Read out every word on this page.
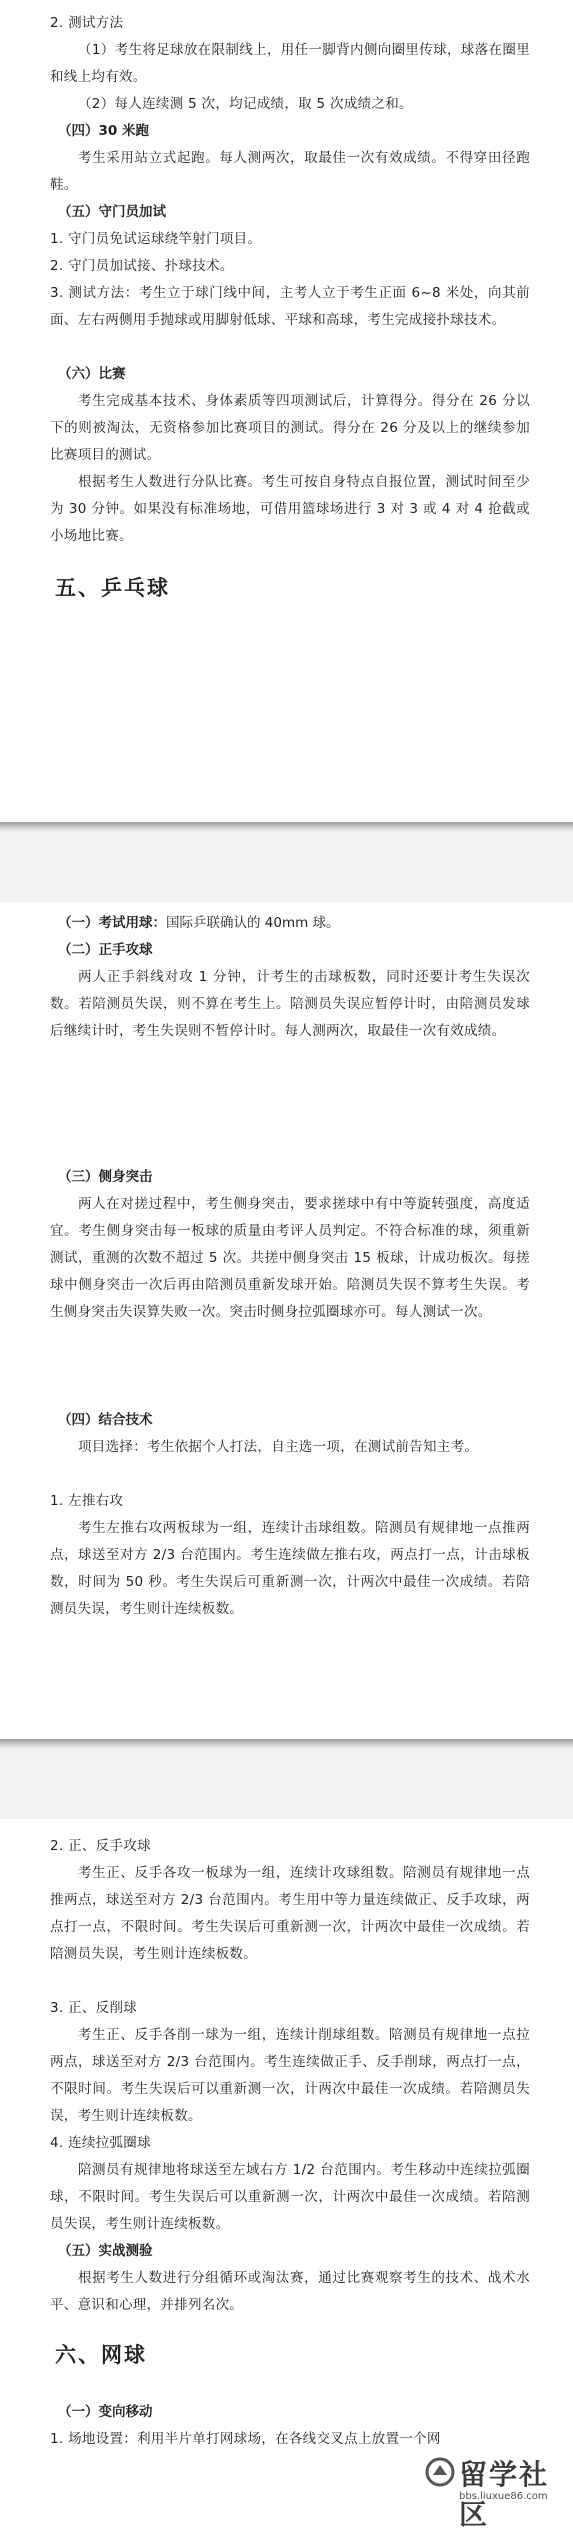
2. 测试方法

（1）考生将足球放在限制线上，用任一脚背内侧向圈里传球，球落在圈里和线上均有效。

（2）每人连续测 5 次，均记成绩，取 5 次成绩之和。

（四）30 米跑

考生采用站立式起跑。每人测两次，取最佳一次有效成绩。不得穿田径跑鞋。

（五）守门员加试

1. 守门员免试运球绕竿射门项目。

2. 守门员加试接、扑球技术。

3. 测试方法：考生立于球门线中间，主考人立于考生正面 6~8 米处，向其前面、左右两侧用手抛球或用脚射低球、平球和高球，考生完成接扑球技术。

（六）比赛

考生完成基本技术、身体素质等四项测试后，计算得分。得分在 26 分以下的则被淘汰，无资格参加比赛项目的测试。得分在 26 分及以上的继续参加比赛项目的测试。

根据考生人数进行分队比赛。考生可按自身特点自报位置，测试时间至少为 30 分钟。如果没有标准场地，可借用篮球场进行 3 对 3 或 4 对 4 抢截或小场地比赛。

五、乒乓球

（一）考试用球：国际乒联确认的 40mm 球。

（二）正手攻球

两人正手斜线对攻 1 分钟，计考生的击球板数，同时还要计考生失误次数。若陪测员失误，则不算在考生上。陪测员失误应暂停计时，由陪测员发球后继续计时，考生失误则不暂停计时。每人测两次，取最佳一次有效成绩。

（三）侧身突击

两人在对搓过程中，考生侧身突击，要求搓球中有中等旋转强度，高度适宜。考生侧身突击每一板球的质量由考评人员判定。不符合标准的球，须重新测试，重测的次数不超过 5 次。共搓中侧身突击 15 板球，计成功板次。每搓球中侧身突击一次后再由陪测员重新发球开始。陪测员失误不算考生失误。考生侧身突击失误算失败一次。突击时侧身拉弧圈球亦可。每人测试一次。

（四）结合技术

项目选择：考生依据个人打法，自主选一项，在测试前告知主考。

1. 左推右攻

考生左推右攻两板球为一组，连续计击球组数。陪测员有规律地一点推两点，球送至对方 2/3 台范围内。考生连续做左推右攻，两点打一点，计击球板数，时间为 50 秒。考生失误后可重新测一次，计两次中最佳一次成绩。若陪测员失误，考生则计连续板数。

2. 正、反手攻球

考生正、反手各攻一板球为一组，连续计攻球组数。陪测员有规律地一点推两点，球送至对方 2/3 台范围内。考生用中等力量连续做正、反手攻球，两点打一点，不限时间。考生失误后可重新测一次，计两次中最佳一次成绩。若陪测员失误，考生则计连续板数。

3. 正、反削球

考生正、反手各削一球为一组，连续计削球组数。陪测员有规律地一点拉两点，球送至对方 2/3 台范围内。考生连续做正手、反手削球，两点打一点，不限时间。考生失误后可以重新测一次，计两次中最佳一次成绩。若陪测员失误，考生则计连续板数。

4. 连续拉弧圈球

陪测员有规律地将球送至左域右方 1/2 台范围内。考生移动中连续拉弧圈球，不限时间。考生失误后可以重新测一次，计两次中最佳一次成绩。若陪测员失误，考生则计连续板数。

（五）实战测验

根据考生人数进行分组循环或淘汰赛，通过比赛观察考生的技术、战术水平、意识和心理，并排列名次。

六、网球

（一）变向移动

1. 场地设置：利用半片单打网球场，在各线交叉点上放置一个网

留学社区
bbs.liuxue86.com
